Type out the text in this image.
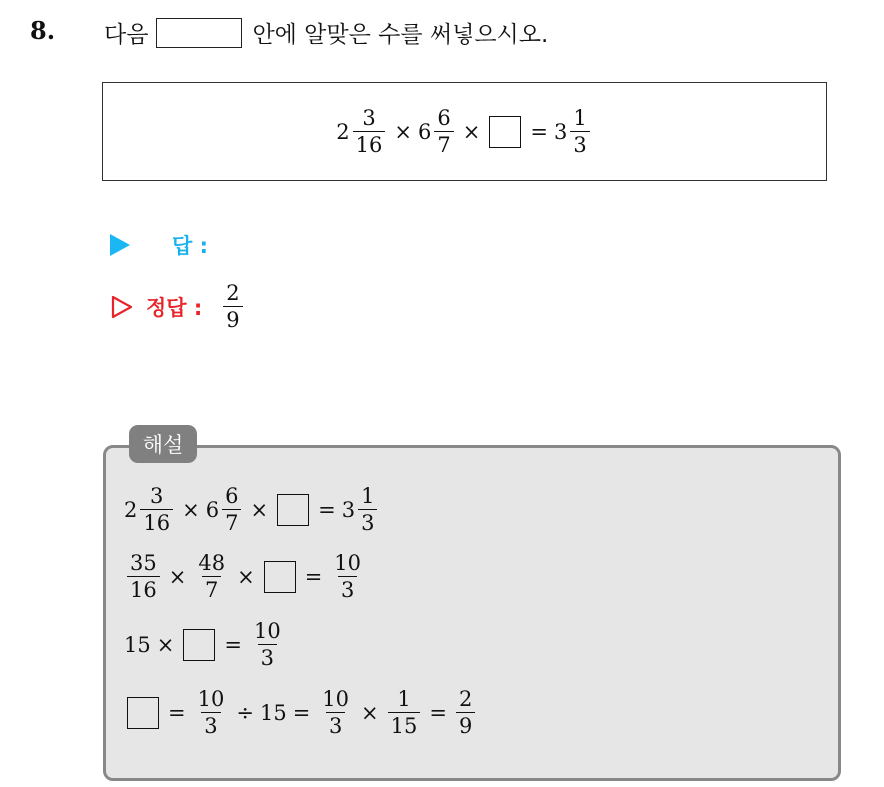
8. 다음	안에 알맞은 수를 써넣으시오.
$2 \frac{3}{16} \times 6 \frac{6}{7}$ × = $3 \frac{1}{3}$
답 :
정답 : $\frac{2}{9}$
해설
$2 \frac{3}{16} \times 6 \frac{6}{7}$ × = $3 \frac{1}{3}$
$\frac{35}{16} \times \frac{48}{7}$ × = $\frac{10}{3}$
15 × = $\frac{10}{3}$
= $\frac{10}{3} \div 15 = \frac{10}{3} \times \frac{1}{15} = \frac{2}{9}$
